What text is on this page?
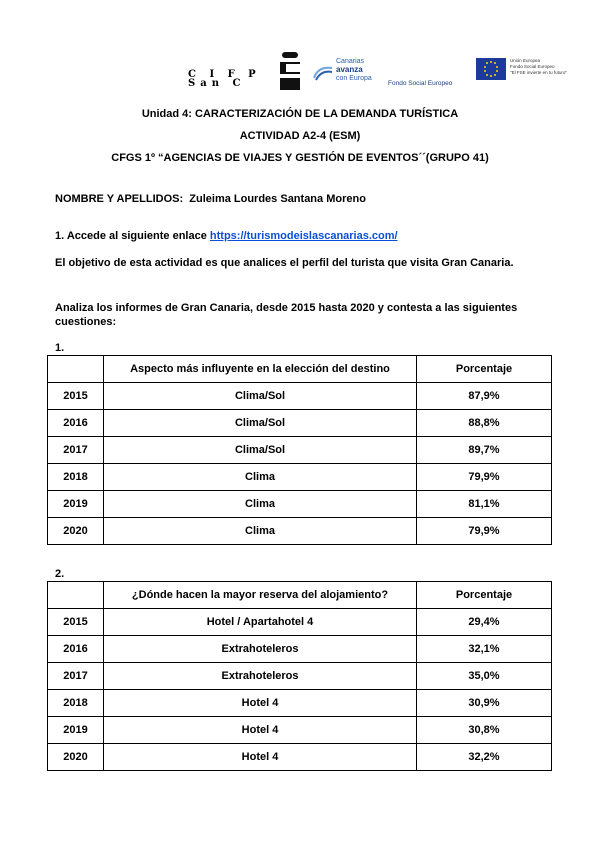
C I F P
San C
Canarias
avanza
con Europa
Fondo Social Europeo
Unión Europea
Fondo Social Europeo
"El FSE invierte en tu futuro"
Unidad 4: CARACTERIZACIÓN DE LA DEMANDA TURÍSTICA
ACTIVIDAD A2-4 (ESM)
CFGS 1º “AGENCIAS DE VIAJES Y GESTIÓN DE EVENTOS´´(GRUPO 41)
NOMBRE Y APELLIDOS: Zuleima Lourdes Santana Moreno
1. Accede al siguiente enlace https://turismodeislascanarias.com/
El objetivo de esta actividad es que analices el perfil del turista que visita Gran Canaria.
Analiza los informes de Gran Canaria, desde 2015 hasta 2020 y contesta a las siguientes cuestiones:
1.
	Aspecto más influyente en la elección del destino	Porcentaje
2015	Clima/Sol	87,9%
2016	Clima/Sol	88,8%
2017	Clima/Sol	89,7%
2018	Clima	79,9%
2019	Clima	81,1%
2020	Clima	79,9%
2.
	¿Dónde hacen la mayor reserva del alojamiento?	Porcentaje
2015	Hotel / Apartahotel 4	29,4%
2016	Extrahoteleros	32,1%
2017	Extrahoteleros	35,0%
2018	Hotel 4	30,9%
2019	Hotel 4	30,8%
2020	Hotel 4	32,2%
